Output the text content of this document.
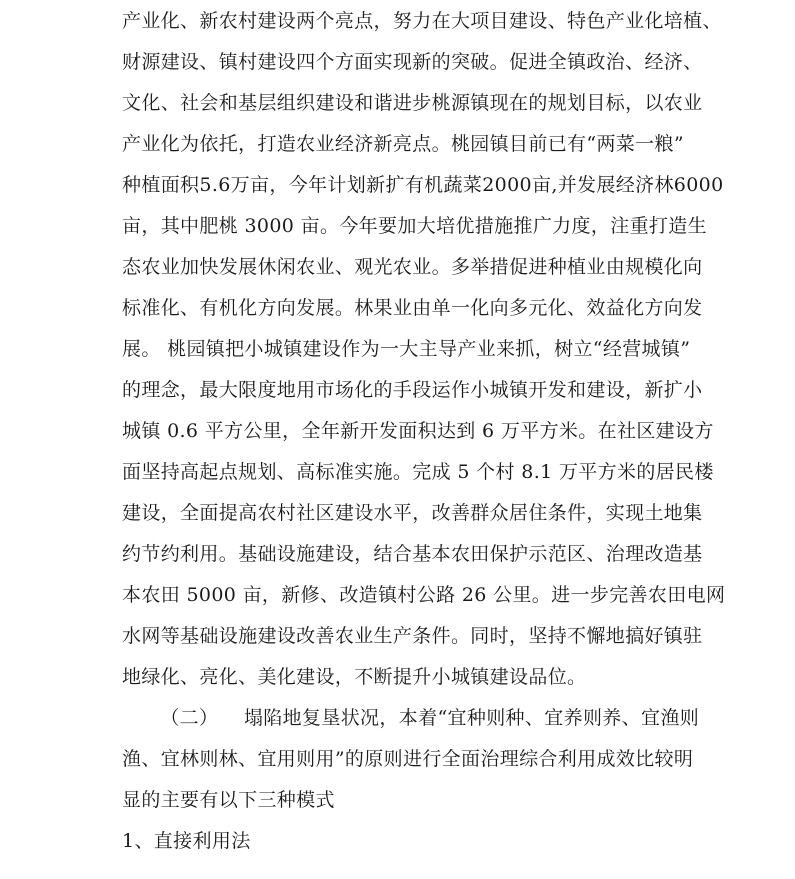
产业化、新农村建设两个亮点，努力在大项目建设、特色产业化培植、
财源建设、镇村建设四个方面实现新的突破。促进全镇政治、经济、
文化、社会和基层组织建设和谐进步桃源镇现在的规划目标，以农业
产业化为依托，打造农业经济新亮点。桃园镇目前已有“两菜一粮”
种植面积5.6万亩，今年计划新扩有机蔬菜2000亩,并发展经济林6000
亩，其中肥桃 3000 亩。今年要加大培优措施推广力度，注重打造生
态农业加快发展休闲农业、观光农业。多举措促进种植业由规模化向
标准化、有机化方向发展。林果业由单一化向多元化、效益化方向发
展。 桃园镇把小城镇建设作为一大主导产业来抓，树立“经营城镇”
的理念，最大限度地用市场化的手段运作小城镇开发和建设，新扩小
城镇 0.6 平方公里，全年新开发面积达到 6 万平方米。在社区建设方
面坚持高起点规划、高标准实施。完成 5 个村 8.1 万平方米的居民楼
建设，全面提高农村社区建设水平，改善群众居住条件，实现土地集
约节约利用。基础设施建设，结合基本农田保护示范区、治理改造基
本农田 5000 亩，新修、改造镇村公路 26 公里。进一步完善农田电网
水网等基础设施建设改善农业生产条件。同时，坚持不懈地搞好镇驻
地绿化、亮化、美化建设，不断提升小城镇建设品位。
（二）    塌陷地复垦状况，本着“宜种则种、宜养则养、宜渔则
渔、宜林则林、宜用则用”的原则进行全面治理综合利用成效比较明
显的主要有以下三种模式
1、直接利用法
